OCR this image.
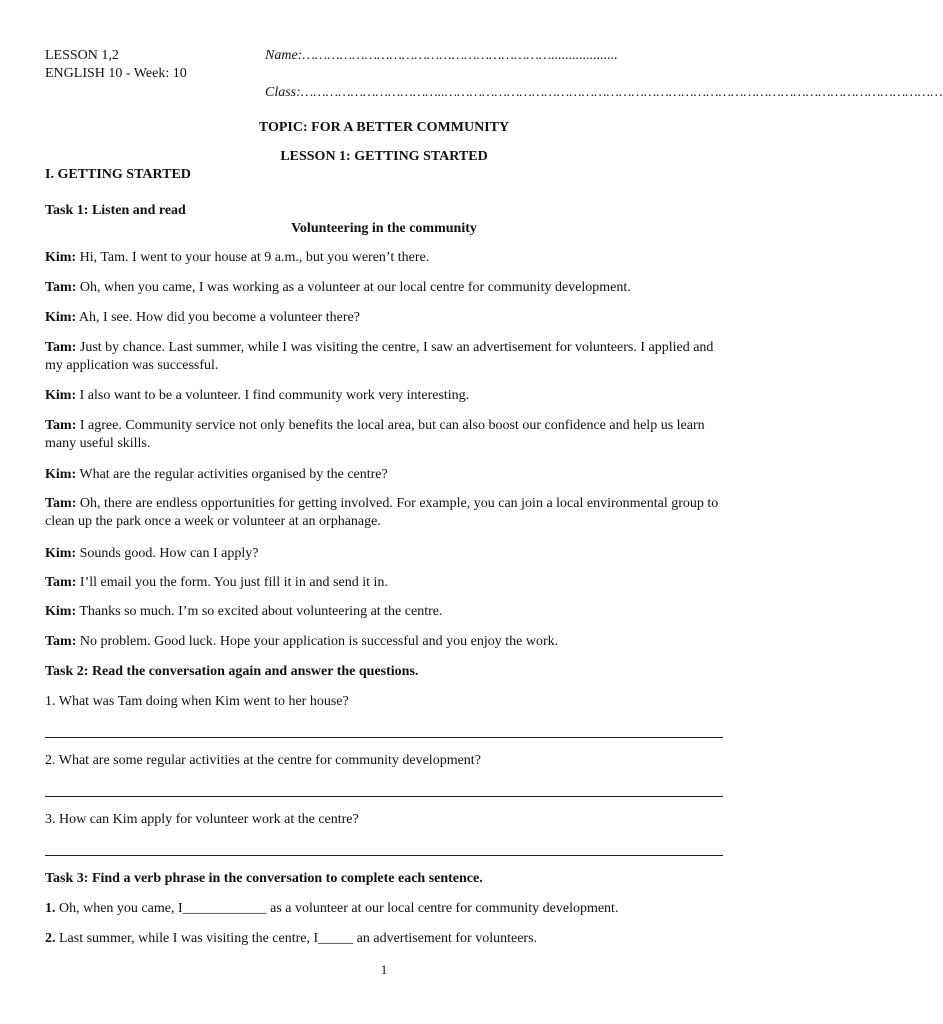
LESSON 1,2
ENGLISH 10 - Week: 10
Name:……………………………………………………...................
Class:……………………………..…………………………………………………………………………………………………………
TOPIC: FOR A BETTER COMMUNITY
LESSON 1: GETTING STARTED
I. GETTING STARTED
Task 1: Listen and read
Volunteering in the community
Kim: Hi, Tam. I went to your house at 9 a.m., but you weren’t there.
Tam: Oh, when you came, I was working as a volunteer at our local centre for community development.
Kim: Ah, I see. How did you become a volunteer there?
Tam: Just by chance. Last summer, while I was visiting the centre, I saw an advertisement for volunteers. I applied and my application was successful.
Kim: I also want to be a volunteer. I find community work very interesting.
Tam: I agree. Community service not only benefits the local area, but can also boost our confidence and help us learn many useful skills.
Kim: What are the regular activities organised by the centre?
Tam: Oh, there are endless opportunities for getting involved. For example, you can join a local environmental group to clean up the park once a week or volunteer at an orphanage.
Kim: Sounds good. How can I apply?
Tam: I’ll email you the form. You just fill it in and send it in.
Kim: Thanks so much. I’m so excited about volunteering at the centre.
Tam: No problem. Good luck. Hope your application is successful and you enjoy the work.
Task 2: Read the conversation again and answer the questions.
1. What was Tam doing when Kim went to her house?
2. What are some regular activities at the centre for community development?
3. How can Kim apply for volunteer work at the centre?
Task 3: Find a verb phrase in the conversation to complete each sentence.
1. Oh, when you came, I____________ as a volunteer at our local centre for community development.
2. Last summer, while I was visiting the centre, I_____ an advertisement for volunteers.
1
